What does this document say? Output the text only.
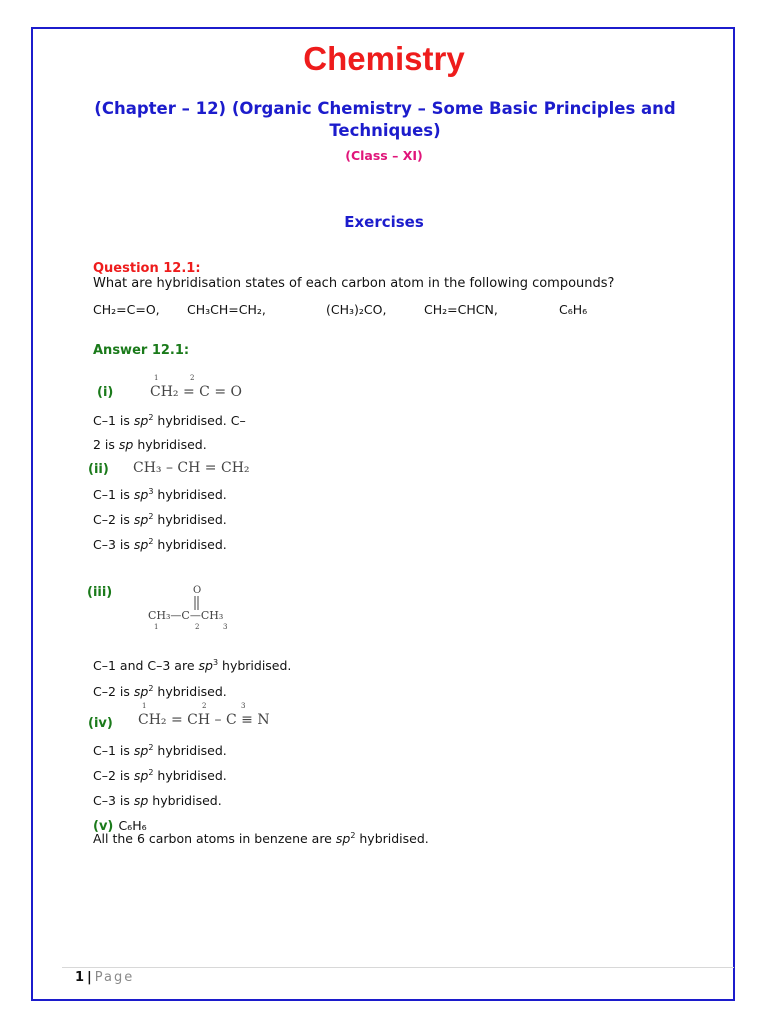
Chemistry
(Chapter – 12) (Organic Chemistry – Some Basic Principles and Techniques)
(Class – XI)
Exercises
Question 12.1:
What are hybridisation states of each carbon atom in the following compounds?
CH₂=C=O, CH₃CH=CH₂,	(CH₃)₂CO,	CH₂=CHCN,	C₆H₆
Answer 12.1:
(i)
1	2
CH₂ = C = O
C–1 is $sp^2$ hybridised. C–
2 is sp hybridised.
(ii) CH₃ – CH = CH₂
C–1 is $sp^3$ hybridised.
C–2 is $sp^2$ hybridised.
C–3 is $sp^2$ hybridised.
(iii)	O
CH₃—C—CH₃
1	2	3
C–1 and C–3 are $sp^3$ hybridised.
C–2 is $sp^2$ hybridised.
(iv)
1	2	3
CH₂ = CH – C ≡ N
C–1 is $sp^2$ hybridised.
C–2 is $sp^2$ hybridised.
C–3 is sp hybridised.
(v) C₆H₆
All the 6 carbon atoms in benzene are $sp^2$ hybridised.
1 | Page
